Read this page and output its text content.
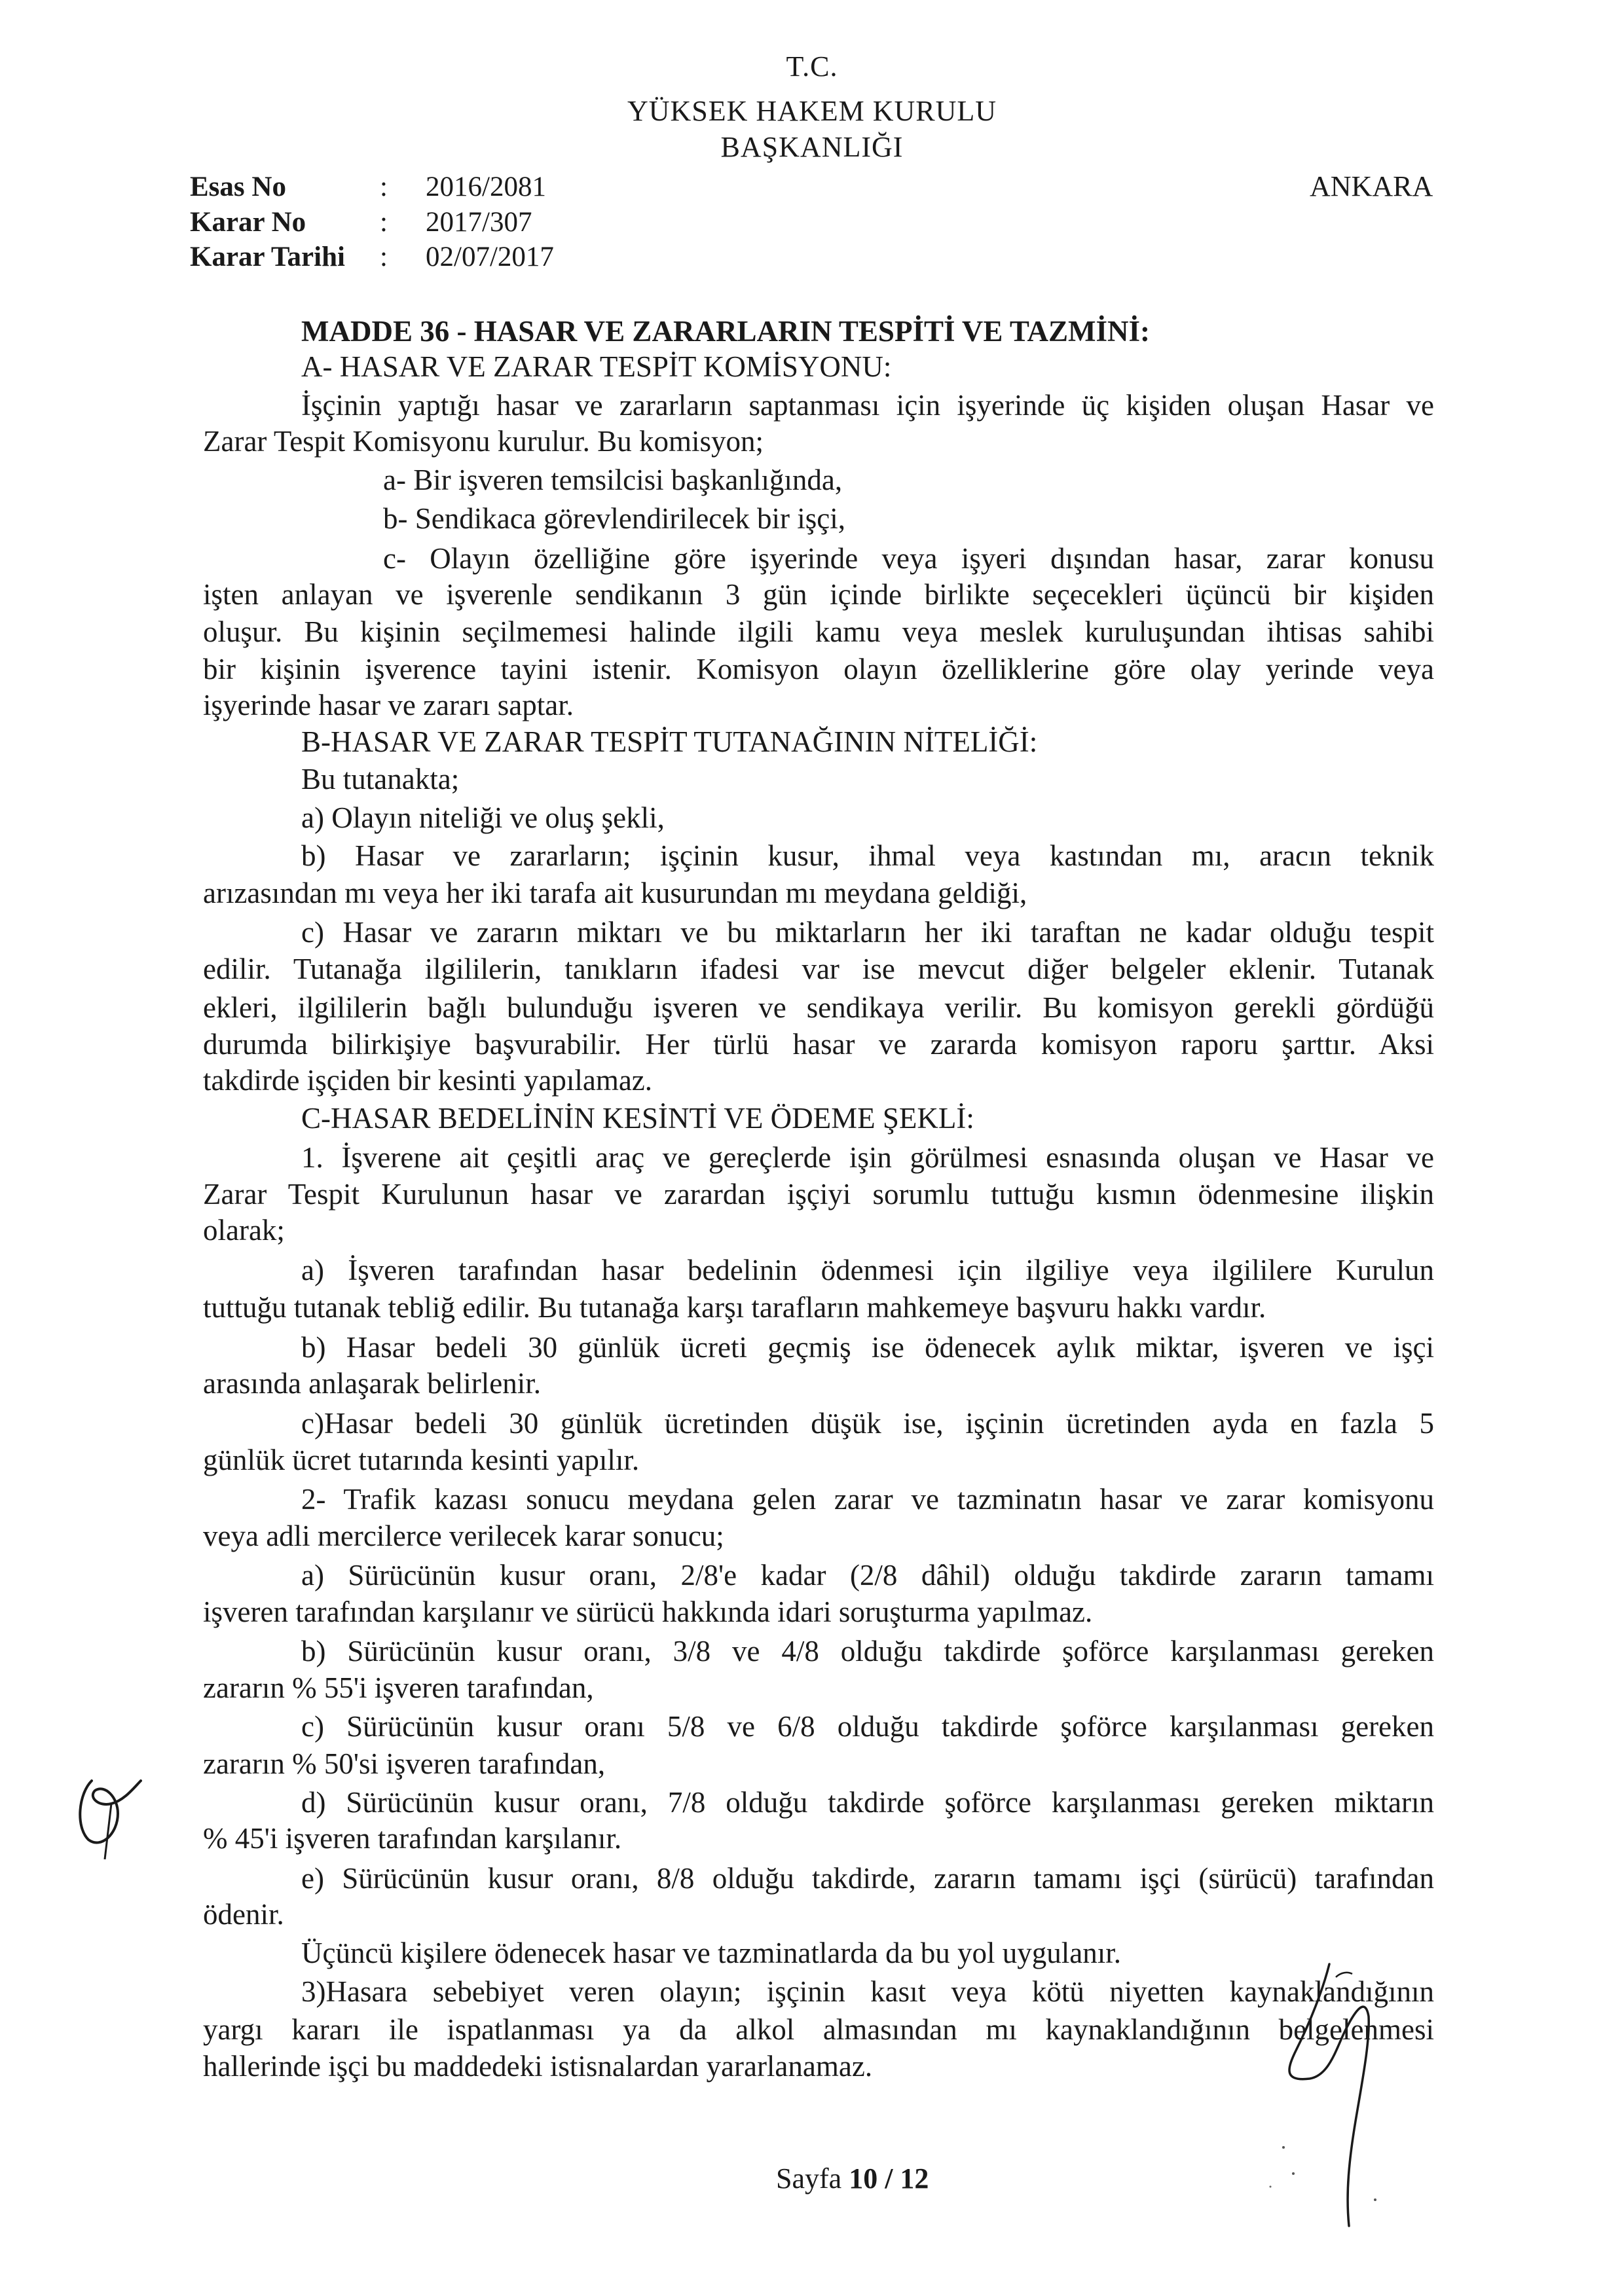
T.C.
YÜKSEK HAKEM KURULU
BAŞKANLIĞI
Esas No	: 2016/2081
Karar No	: 2017/307
Karar Tarihi : 02/07/2017
ANKARA
MADDE 36 - HASAR VE ZARARLARIN TESPİTİ VE TAZMİNİ:
A- HASAR VE ZARAR TESPİT KOMİSYONU:
İşçinin yaptığı hasar ve zararların saptanması için işyerinde üç kişiden oluşan Hasar ve
Zarar Tespit Komisyonu kurulur. Bu komisyon;
a- Bir işveren temsilcisi başkanlığında,
b- Sendikaca görevlendirilecek bir işçi,
c- Olayın özelliğine göre işyerinde veya işyeri dışından hasar, zarar konusu
işten anlayan ve işverenle sendikanın 3 gün içinde birlikte seçecekleri üçüncü bir kişiden
oluşur. Bu kişinin seçilmemesi halinde ilgili kamu veya meslek kuruluşundan ihtisas sahibi
bir kişinin işverence tayini istenir. Komisyon olayın özelliklerine göre olay yerinde veya
işyerinde hasar ve zararı saptar.
B-HASAR VE ZARAR TESPİT TUTANAĞININ NİTELİĞİ:
Bu tutanakta;
a) Olayın niteliği ve oluş şekli,
b) Hasar ve zararların; işçinin kusur, ihmal veya kastından mı, aracın teknik
arızasından mı veya her iki tarafa ait kusurundan mı meydana geldiği,
c) Hasar ve zararın miktarı ve bu miktarların her iki taraftan ne kadar olduğu tespit
edilir. Tutanağa ilgililerin, tanıkların ifadesi var ise mevcut diğer belgeler eklenir. Tutanak
ekleri, ilgililerin bağlı bulunduğu işveren ve sendikaya verilir. Bu komisyon gerekli gördüğü
durumda bilirkişiye başvurabilir. Her türlü hasar ve zararda komisyon raporu şarttır. Aksi
takdirde işçiden bir kesinti yapılamaz.
C-HASAR BEDELİNİN KESİNTİ VE ÖDEME ŞEKLİ:
1. İşverene ait çeşitli araç ve gereçlerde işin görülmesi esnasında oluşan ve Hasar ve
Zarar Tespit Kurulunun hasar ve zarardan işçiyi sorumlu tuttuğu kısmın ödenmesine ilişkin
olarak;
a) İşveren tarafından hasar bedelinin ödenmesi için ilgiliye veya ilgililere Kurulun
tuttuğu tutanak tebliğ edilir. Bu tutanağa karşı tarafların mahkemeye başvuru hakkı vardır.
b) Hasar bedeli 30 günlük ücreti geçmiş ise ödenecek aylık miktar, işveren ve işçi
arasında anlaşarak belirlenir.
c)Hasar bedeli 30 günlük ücretinden düşük ise, işçinin ücretinden ayda en fazla 5
günlük ücret tutarında kesinti yapılır.
2- Trafik kazası sonucu meydana gelen zarar ve tazminatın hasar ve zarar komisyonu
veya adli mercilerce verilecek karar sonucu;
a) Sürücünün kusur oranı, 2/8'e kadar (2/8 dâhil) olduğu takdirde zararın tamamı
işveren tarafından karşılanır ve sürücü hakkında idari soruşturma yapılmaz.
b) Sürücünün kusur oranı, 3/8 ve 4/8 olduğu takdirde şoförce karşılanması gereken
zararın % 55'i işveren tarafından,
c) Sürücünün kusur oranı 5/8 ve 6/8 olduğu takdirde şoförce karşılanması gereken
zararın % 50'si işveren tarafından,
d) Sürücünün kusur oranı, 7/8 olduğu takdirde şoförce karşılanması gereken miktarın
% 45'i işveren tarafından karşılanır.
e) Sürücünün kusur oranı, 8/8 olduğu takdirde, zararın tamamı işçi (sürücü) tarafından
ödenir.
Üçüncü kişilere ödenecek hasar ve tazminatlarda da bu yol uygulanır.
3)Hasara sebebiyet veren olayın; işçinin kasıt veya kötü niyetten kaynaklandığının
yargı kararı ile ispatlanması ya da alkol almasından mı kaynaklandığının belgelenmesi
hallerinde işçi bu maddedeki istisnalardan yararlanamaz.
Sayfa 10 / 12
